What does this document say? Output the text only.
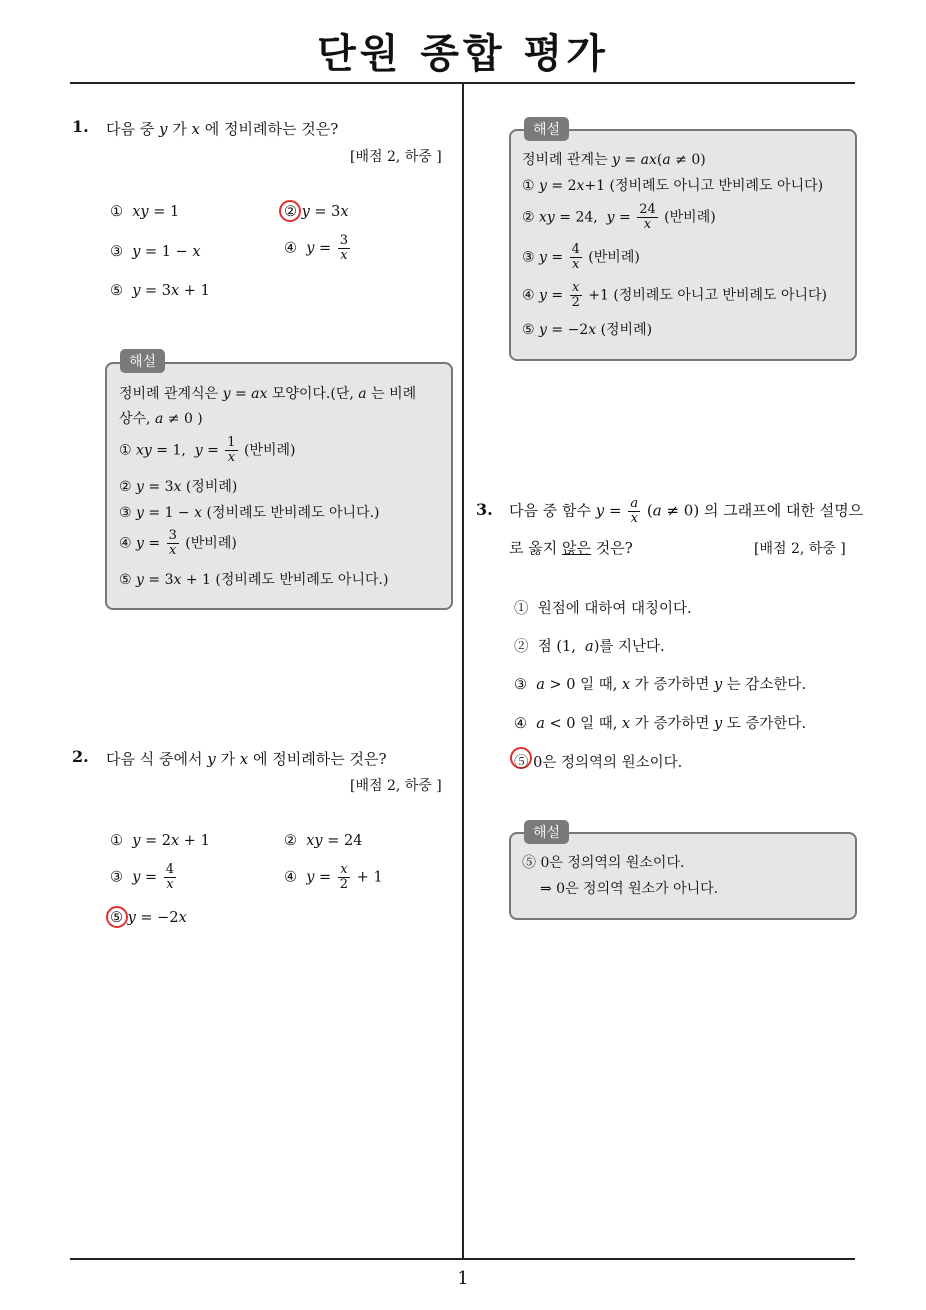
단원 종합 평가
1. 다음 중 y 가 x 에 정비례하는 것은?
[배점 2, 하중 ]
①  xy = 1	② y = 3x
③  y = 1 − x	④  $y = \frac{3}{x}$
⑤  y = 3x + 1
해설
정비례 관계식은 y = ax 모양이다.(단, a 는 비례
상수, a ≠ 0 )
① xy = 1,  $y = \frac{1}{x}$ (반비례)
② y = 3x (정비례)
③ y = 1 − x (정비례도 반비례도 아니다.)
④ $y = \frac{3}{x}$ (반비례)
⑤ y = 3x + 1 (정비례도 반비례도 아니다.)
2. 다음 식 중에서 y 가 x 에 정비례하는 것은?
[배점 2, 하중 ]
①  y = 2x + 1	②  xy = 24
③  $y = \frac{4}{x}$	④  $y = \frac{x}{2} + 1$
⑤ y = −2x
해설
정비례 관계는 y = ax(a ≠ 0)
① y = 2x+1 (정비례도 아니고 반비례도 아니다)
② xy = 24,  $y = \frac{24}{x}$ (반비례)
③ $y = \frac{4}{x}$ (반비례)
④ $y = \frac{x}{2} +1$ (정비례도 아니고 반비례도 아니다)
⑤ y = −2x (정비례)
3. 다음 중 함수 $y = \frac{a}{x} (a \ne 0)$ 의 그래프에 대한 설명으
로 옳지 않은 것은?	[배점 2, 하중 ]
①  원점에 대하여 대칭이다.
②  점 (1,  a)를 지난다.
③  a > 0 일 때, x 가 증가하면 y 는 감소한다.
④  a < 0 일 때, x 가 증가하면 y 도 증가한다.
⑤ 0은 정의역의 원소이다.
해설
⑤ 0은 정의역의 원소이다.
⇒ 0은 정의역 원소가 아니다.
1
